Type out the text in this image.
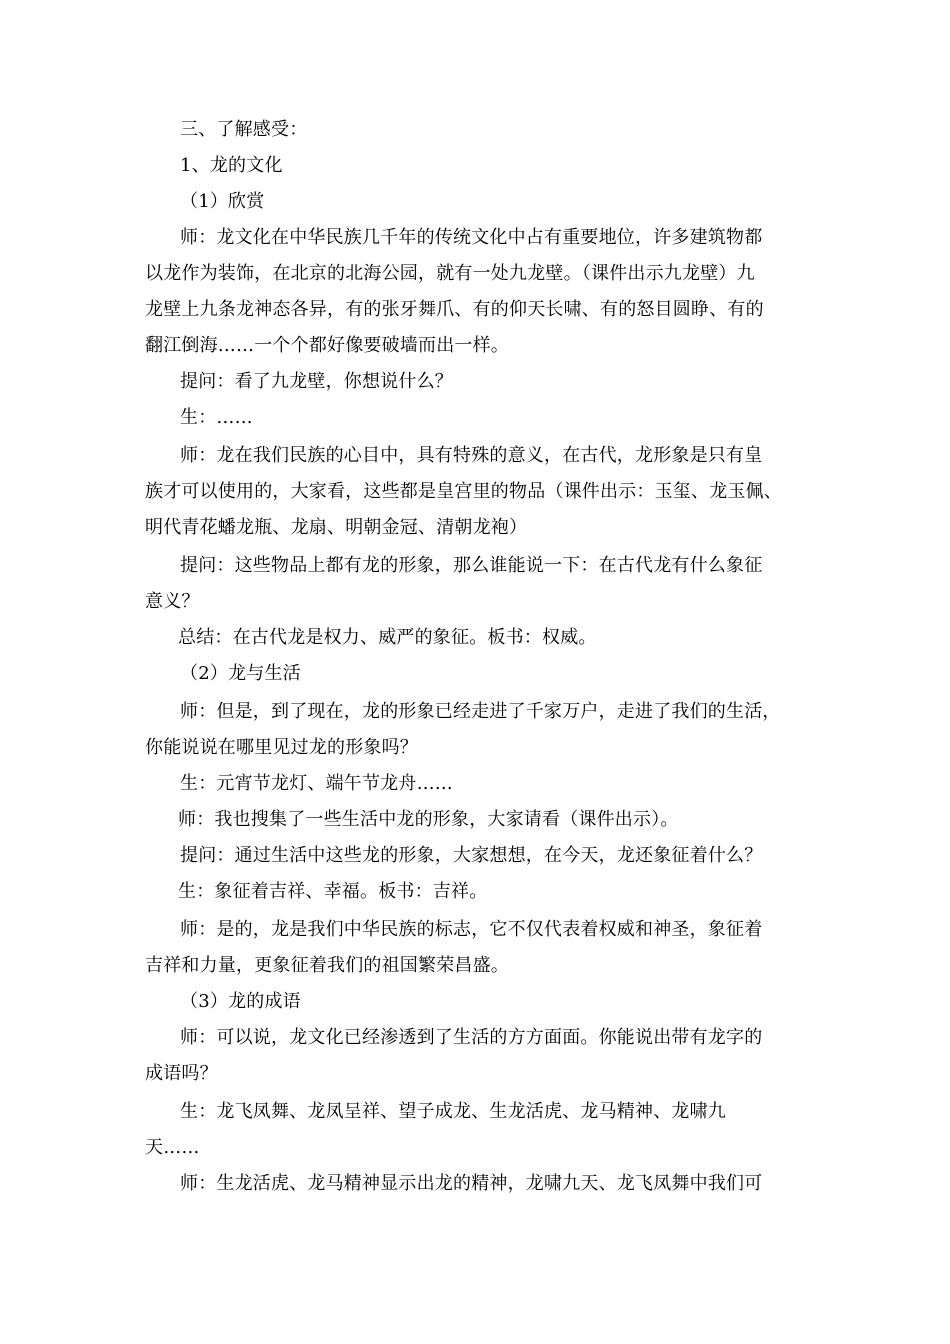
三、了解感受：
1、龙的文化
（1）欣赏
师：龙文化在中华民族几千年的传统文化中占有重要地位，许多建筑物都
以龙作为装饰，在北京的北海公园，就有一处九龙壁。（课件出示九龙壁）九
龙壁上九条龙神态各异，有的张牙舞爪、有的仰天长啸、有的怒目圆睁、有的
翻江倒海……一个个都好像要破墙而出一样。
提问：看了九龙壁，你想说什么？
生：……
师：龙在我们民族的心目中，具有特殊的意义，在古代，龙形象是只有皇
族才可以使用的，大家看，这些都是皇宫里的物品（课件出示：玉玺、龙玉佩、
明代青花蟠龙瓶、龙扇、明朝金冠、清朝龙袍）
提问：这些物品上都有龙的形象，那么谁能说一下：在古代龙有什么象征
意义？
总结：在古代龙是权力、威严的象征。板书：权威。
（2）龙与生活
师：但是，到了现在，龙的形象已经走进了千家万户，走进了我们的生活，
你能说说在哪里见过龙的形象吗？
生：元宵节龙灯、端午节龙舟……
师：我也搜集了一些生活中龙的形象，大家请看（课件出示）。
提问：通过生活中这些龙的形象，大家想想，在今天，龙还象征着什么？
生：象征着吉祥、幸福。板书：吉祥。
师：是的，龙是我们中华民族的标志，它不仅代表着权威和神圣，象征着
吉祥和力量，更象征着我们的祖国繁荣昌盛。
（3）龙的成语
师：可以说，龙文化已经渗透到了生活的方方面面。你能说出带有龙字的
成语吗？
生：龙飞凤舞、龙凤呈祥、望子成龙、生龙活虎、龙马精神、龙啸九
天……
师：生龙活虎、龙马精神显示出龙的精神，龙啸九天、龙飞凤舞中我们可
